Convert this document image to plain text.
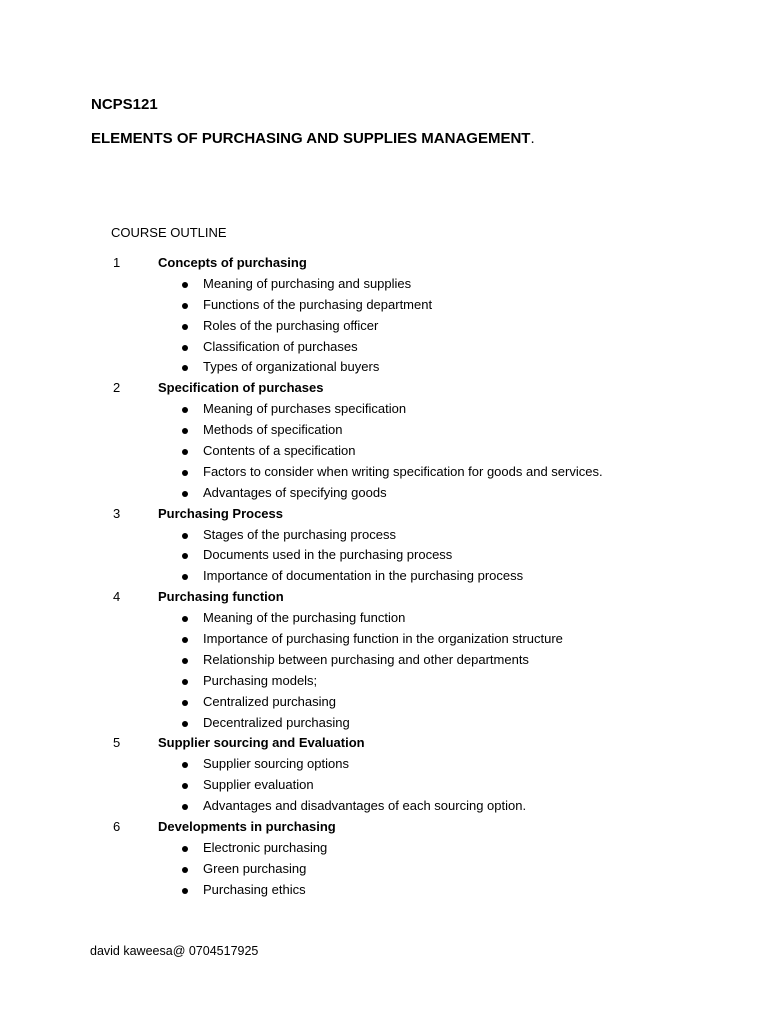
NCPS121
ELEMENTS OF PURCHASING AND SUPPLIES MANAGEMENT.
COURSE OUTLINE
1	Concepts of purchasing
Meaning of purchasing and supplies
Functions of the purchasing department
Roles of the purchasing officer
Classification of purchases
Types of organizational buyers
2	Specification of purchases
Meaning of purchases specification
Methods of specification
Contents of a specification
Factors to consider when writing specification for goods and services.
Advantages of specifying goods
3	Purchasing Process
Stages of the purchasing process
Documents used in the purchasing process
Importance of documentation in the purchasing process
4	Purchasing function
Meaning of the purchasing function
Importance of purchasing function in the organization structure
Relationship between purchasing and other departments
Purchasing models;
Centralized purchasing
Decentralized purchasing
5	Supplier sourcing and Evaluation
Supplier sourcing options
Supplier evaluation
Advantages and disadvantages of each sourcing option.
6	Developments in purchasing
Electronic purchasing
Green purchasing
Purchasing ethics
david kaweesa@ 0704517925
